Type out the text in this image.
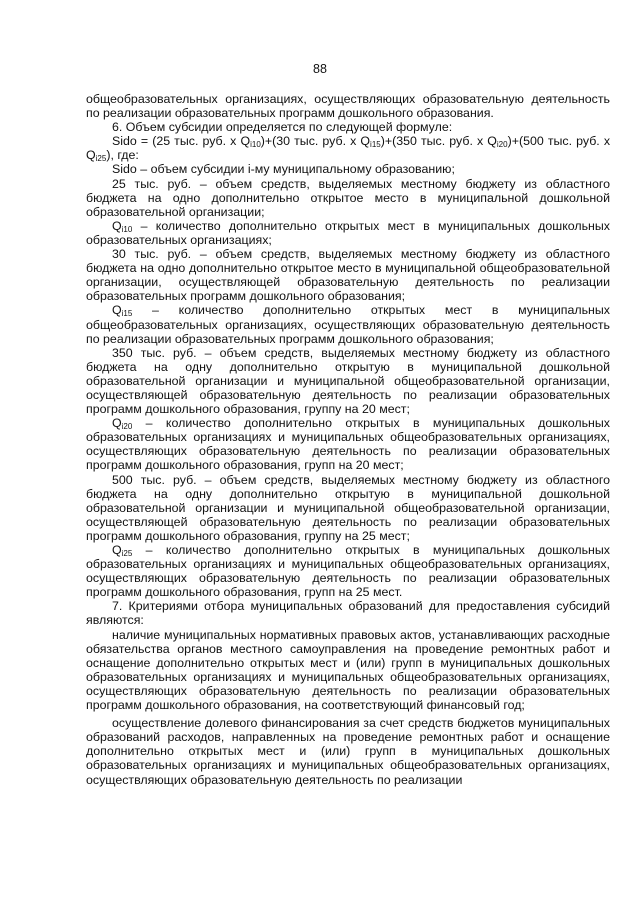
88

общеобразовательных организациях, осуществляющих образовательную деятельность по реализации образовательных программ дошкольного образования.

6. Объем субсидии определяется по следующей формуле:

Sido = (25 тыс. руб. x $Q_{i10})+(30$ тыс. руб. x $Q_{i15})+(350$ тыс. руб. x $Q_{i20})+(500$ тыс. руб. x $Q_{i25}$), где:

Sido – объем субсидии i-му муниципальному образованию;

25 тыс. руб. – объем средств, выделяемых местному бюджету из областного бюджета на одно дополнительно открытое место в муниципальной дошкольной образовательной организации;

$Q_{i10}$ – количество дополнительно открытых мест в муниципальных дошкольных образовательных организациях;

30 тыс. руб. – объем средств, выделяемых местному бюджету из областного бюджета на одно дополнительно открытое место в муниципальной общеобразовательной организации, осуществляющей образовательную деятельность по реализации образовательных программ дошкольного образования;

$Q_{i15}$ – количество дополнительно открытых мест в муниципальных общеобразовательных организациях, осуществляющих образовательную деятельность по реализации образовательных программ дошкольного образования;

350 тыс. руб. – объем средств, выделяемых местному бюджету из областного бюджета на одну дополнительно открытую в муниципальной дошкольной образовательной организации и муниципальной общеобразовательной организации, осуществляющей образовательную деятельность по реализации образовательных программ дошкольного образования, группу на 20 мест;

$Q_{i20}$ – количество дополнительно открытых в муниципальных дошкольных образовательных организациях и муниципальных общеобразовательных организациях, осуществляющих образовательную деятельность по реализации образовательных программ дошкольного образования, групп на 20 мест;

500 тыс. руб. – объем средств, выделяемых местному бюджету из областного бюджета на одну дополнительно открытую в муниципальной дошкольной образовательной организации и муниципальной общеобразовательной организации, осуществляющей образовательную деятельность по реализации образовательных программ дошкольного образования, группу на 25 мест;

$Q_{i25}$ – количество дополнительно открытых в муниципальных дошкольных образовательных организациях и муниципальных общеобразовательных организациях, осуществляющих образовательную деятельность по реализации образовательных программ дошкольного образования, групп на 25 мест.

7. Критериями отбора муниципальных образований для предоставления субсидий являются:

наличие муниципальных нормативных правовых актов, устанавливающих расходные обязательства органов местного самоуправления на проведение ремонтных работ и оснащение дополнительно открытых мест и (или) групп в муниципальных дошкольных образовательных организациях и муниципальных общеобразовательных организациях, осуществляющих образовательную деятельность по реализации образовательных программ дошкольного образования, на соответствующий финансовый год;

осуществление долевого финансирования за счет средств бюджетов муниципальных образований расходов, направленных на проведение ремонтных работ и оснащение дополнительно открытых мест и (или) групп в муниципальных дошкольных образовательных организациях и муниципальных общеобразовательных организациях, осуществляющих образовательную деятельность по реализации
